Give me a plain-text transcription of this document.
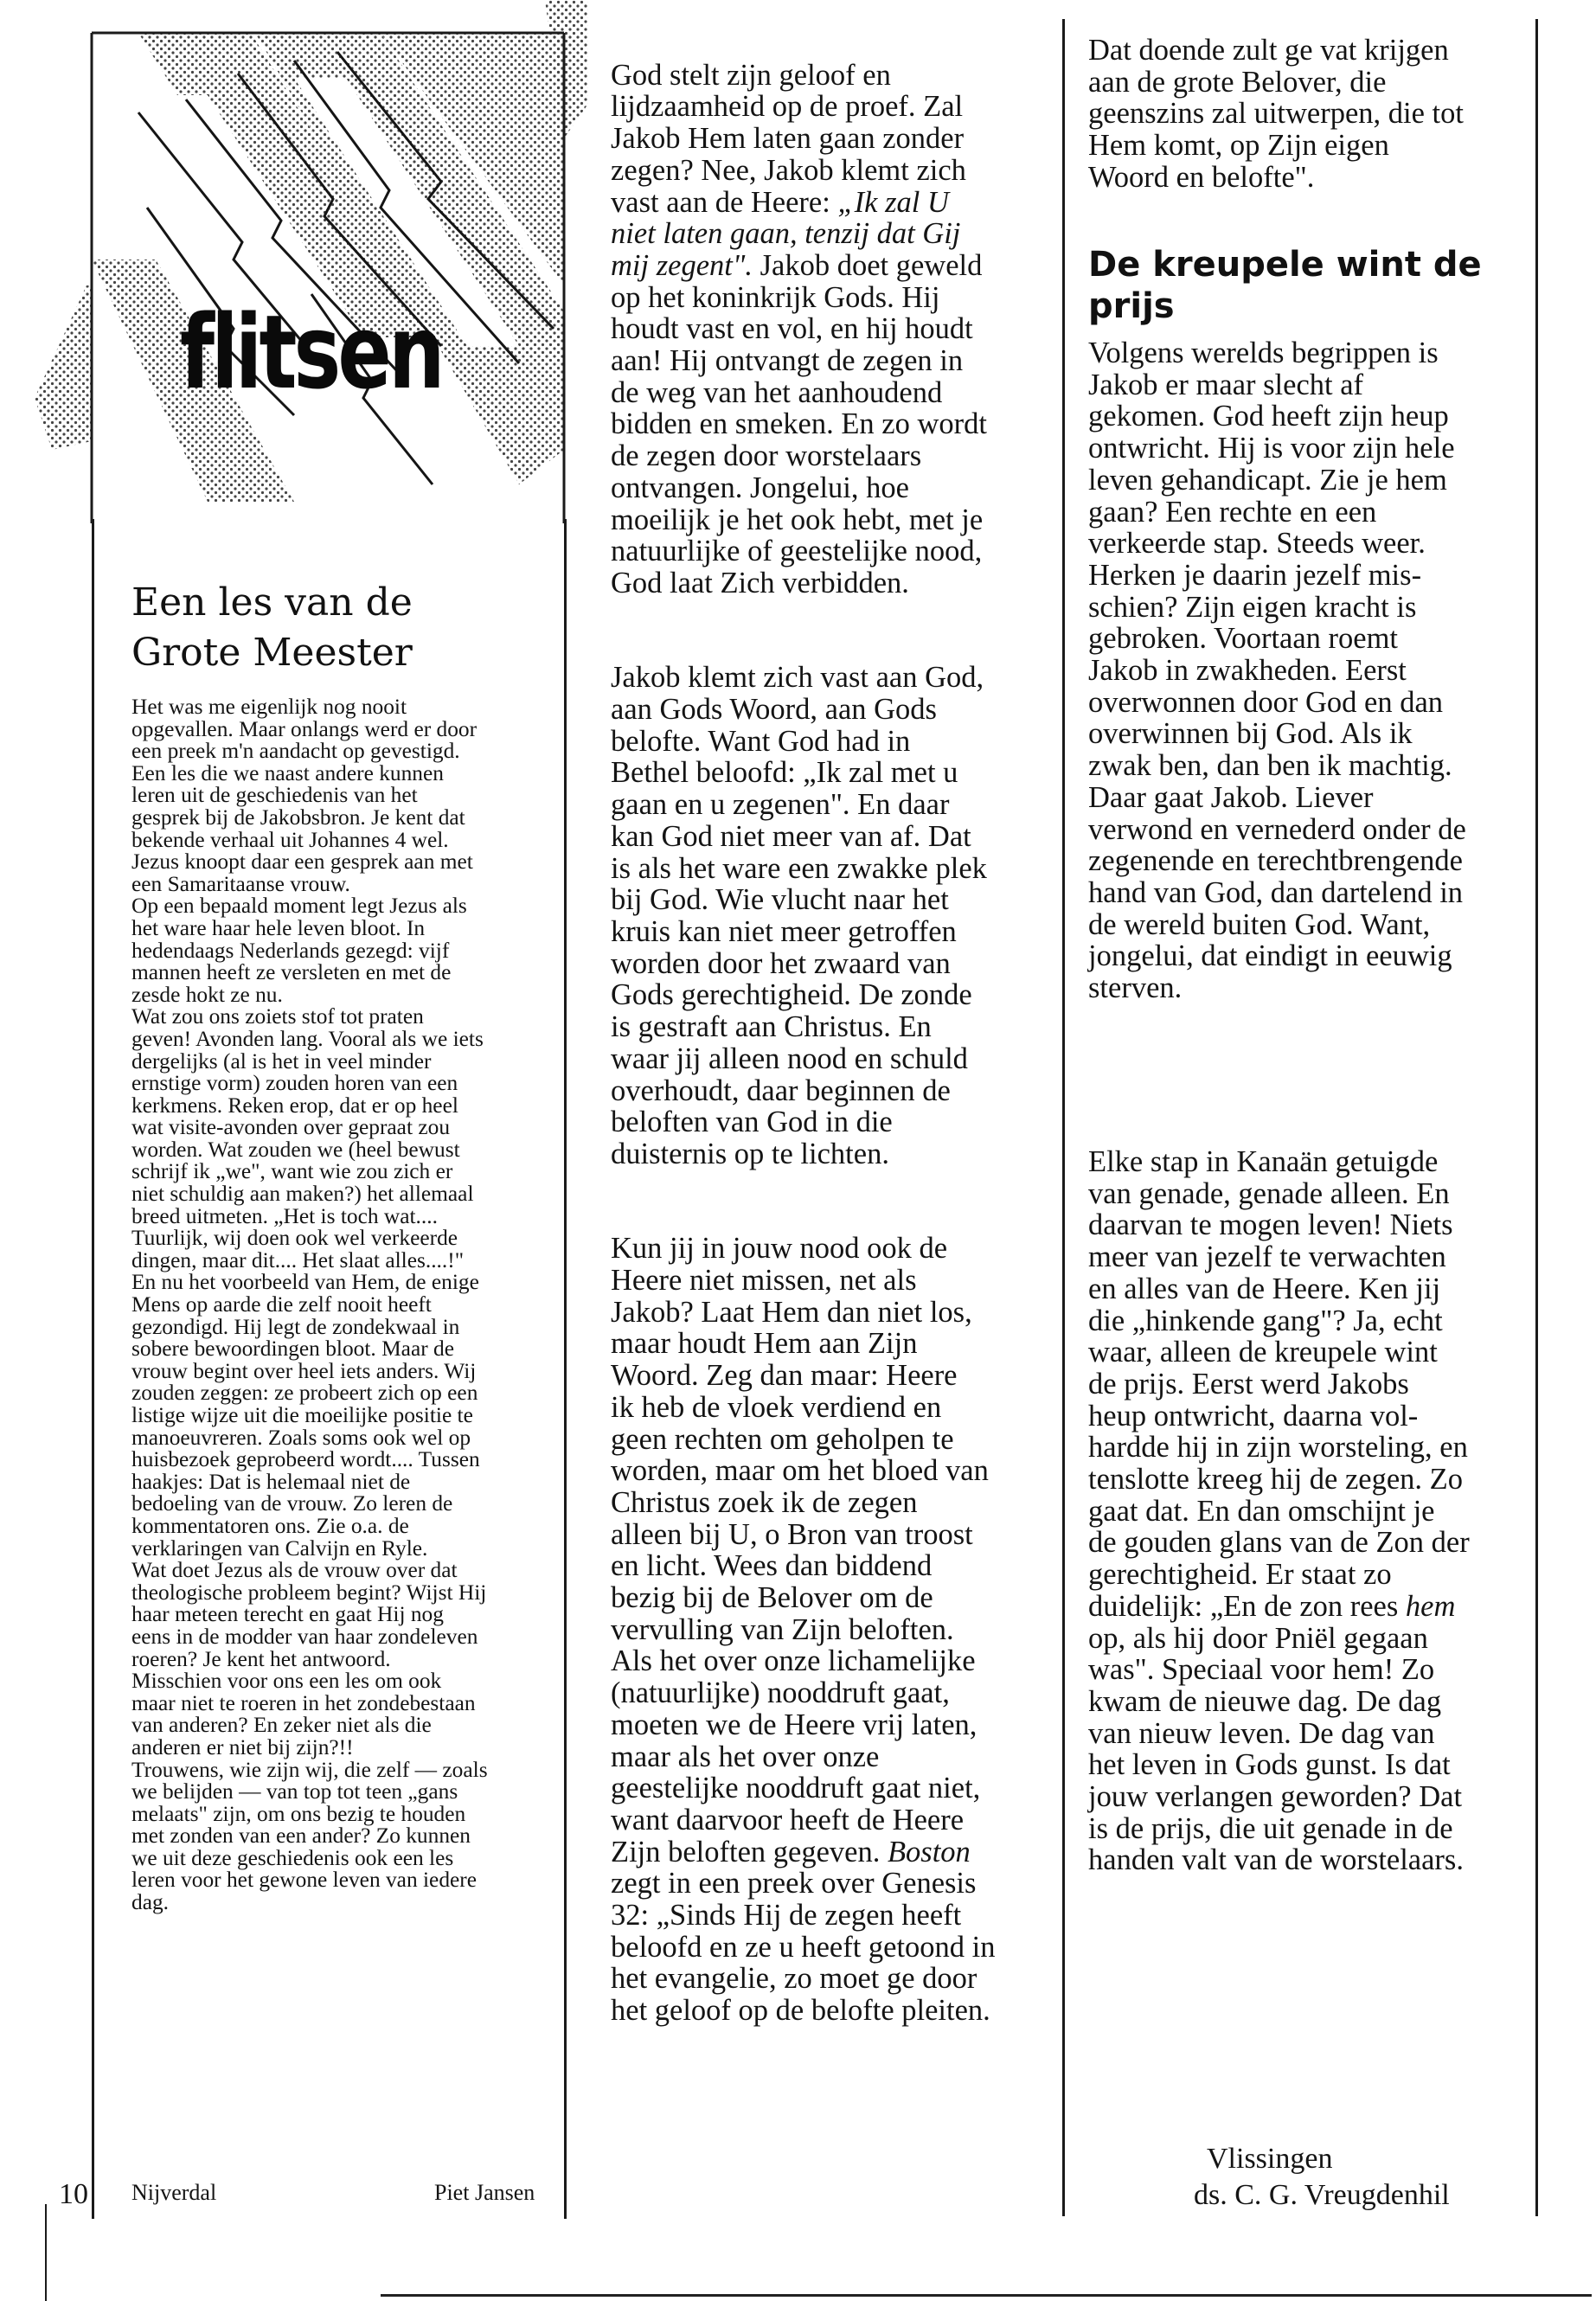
flitsen
Een les van de Grote Meester
Het was me eigenlijk nog nooit
opgevallen. Maar onlangs werd er door
een preek m'n aandacht op gevestigd.
Een les die we naast andere kunnen
leren uit de geschiedenis van het
gesprek bij de Jakobsbron. Je kent dat
bekende verhaal uit Johannes 4 wel.
Jezus knoopt daar een gesprek aan met
een Samaritaanse vrouw.
Op een bepaald moment legt Jezus als
het ware haar hele leven bloot. In
hedendaags Nederlands gezegd: vijf
mannen heeft ze versleten en met de
zesde hokt ze nu.
Wat zou ons zoiets stof tot praten
geven! Avonden lang. Vooral als we iets
dergelijks (al is het in veel minder
ernstige vorm) zouden horen van een
kerkmens. Reken erop, dat er op heel
wat visite-avonden over gepraat zou
worden. Wat zouden we (heel bewust
schrijf ik „we", want wie zou zich er
niet schuldig aan maken?) het allemaal
breed uitmeten. „Het is toch wat....
Tuurlijk, wij doen ook wel verkeerde
dingen, maar dit.... Het slaat alles....!"
En nu het voorbeeld van Hem, de enige
Mens op aarde die zelf nooit heeft
gezondigd. Hij legt de zondekwaal in
sobere bewoordingen bloot. Maar de
vrouw begint over heel iets anders. Wij
zouden zeggen: ze probeert zich op een
listige wijze uit die moeilijke positie te
manoeuvreren. Zoals soms ook wel op
huisbezoek geprobeerd wordt.... Tussen
haakjes: Dat is helemaal niet de
bedoeling van de vrouw. Zo leren de
kommentatoren ons. Zie o.a. de
verklaringen van Calvijn en Ryle.
Wat doet Jezus als de vrouw over dat
theologische probleem begint? Wijst Hij
haar meteen terecht en gaat Hij nog
eens in de modder van haar zondeleven
roeren? Je kent het antwoord.
Misschien voor ons een les om ook
maar niet te roeren in het zondebestaan
van anderen? En zeker niet als die
anderen er niet bij zijn?!!
Trouwens, wie zijn wij, die zelf — zoals
we belijden — van top tot teen „gans
melaats" zijn, om ons bezig te houden
met zonden van een ander? Zo kunnen
we uit deze geschiedenis ook een les
leren voor het gewone leven van iedere
dag.
Nijverdal	Piet Jansen
10

God stelt zijn geloof en
lijdzaamheid op de proef. Zal
Jakob Hem laten gaan zonder
zegen? Nee, Jakob klemt zich
vast aan de Heere: „Ik zal U
niet laten gaan, tenzij dat Gij
mij zegent". Jakob doet geweld
op het koninkrijk Gods. Hij
houdt vast en vol, en hij houdt
aan! Hij ontvangt de zegen in
de weg van het aanhoudend
bidden en smeken. En zo wordt
de zegen door worstelaars
ontvangen. Jongelui, hoe
moeilijk je het ook hebt, met je
natuurlijke of geestelijke nood,
God laat Zich verbidden.

Jakob klemt zich vast aan God,
aan Gods Woord, aan Gods
belofte. Want God had in
Bethel beloofd: „Ik zal met u
gaan en u zegenen". En daar
kan God niet meer van af. Dat
is als het ware een zwakke plek
bij God. Wie vlucht naar het
kruis kan niet meer getroffen
worden door het zwaard van
Gods gerechtigheid. De zonde
is gestraft aan Christus. En
waar jij alleen nood en schuld
overhoudt, daar beginnen de
beloften van God in die
duisternis op te lichten.

Kun jij in jouw nood ook de
Heere niet missen, net als
Jakob? Laat Hem dan niet los,
maar houdt Hem aan Zijn
Woord. Zeg dan maar: Heere
ik heb de vloek verdiend en
geen rechten om geholpen te
worden, maar om het bloed van
Christus zoek ik de zegen
alleen bij U, o Bron van troost
en licht. Wees dan biddend
bezig bij de Belover om de
vervulling van Zijn beloften.
Als het over onze lichamelijke
(natuurlijke) nooddruft gaat,
moeten we de Heere vrij laten,
maar als het over onze
geestelijke nooddruft gaat niet,
want daarvoor heeft de Heere
Zijn beloften gegeven. Boston
zegt in een preek over Genesis
32: „Sinds Hij de zegen heeft
beloofd en ze u heeft getoond in
het evangelie, zo moet ge door
het geloof op de belofte pleiten.

Dat doende zult ge vat krijgen
aan de grote Belover, die
geenszins zal uitwerpen, die tot
Hem komt, op Zijn eigen
Woord en belofte".
De kreupele wint de prijs
Volgens werelds begrippen is
Jakob er maar slecht af
gekomen. God heeft zijn heup
ontwricht. Hij is voor zijn hele
leven gehandicapt. Zie je hem
gaan? Een rechte en een
verkeerde stap. Steeds weer.
Herken je daarin jezelf mis-
schien? Zijn eigen kracht is
gebroken. Voortaan roemt
Jakob in zwakheden. Eerst
overwonnen door God en dan
overwinnen bij God. Als ik
zwak ben, dan ben ik machtig.
Daar gaat Jakob. Liever
verwond en vernederd onder de
zegenende en terechtbrengende
hand van God, dan dartelend in
de wereld buiten God. Want,
jongelui, dat eindigt in eeuwig
sterven.
Elke stap in Kanaän getuigde
van genade, genade alleen. En
daarvan te mogen leven! Niets
meer van jezelf te verwachten
en alles van de Heere. Ken jij
die „hinkende gang"? Ja, echt
waar, alleen de kreupele wint
de prijs. Eerst werd Jakobs
heup ontwricht, daarna vol-
hardde hij in zijn worsteling, en
tenslotte kreeg hij de zegen. Zo
gaat dat. En dan omschijnt je
de gouden glans van de Zon der
gerechtigheid. Er staat zo
duidelijk: „En de zon rees hem
op, als hij door Pniël gegaan
was". Speciaal voor hem! Zo
kwam de nieuwe dag. De dag
van nieuw leven. De dag van
het leven in Gods gunst. Is dat
jouw verlangen geworden? Dat
is de prijs, die uit genade in de
handen valt van de worstelaars.
Vlissingen
ds. C. G. Vreugdenhil
